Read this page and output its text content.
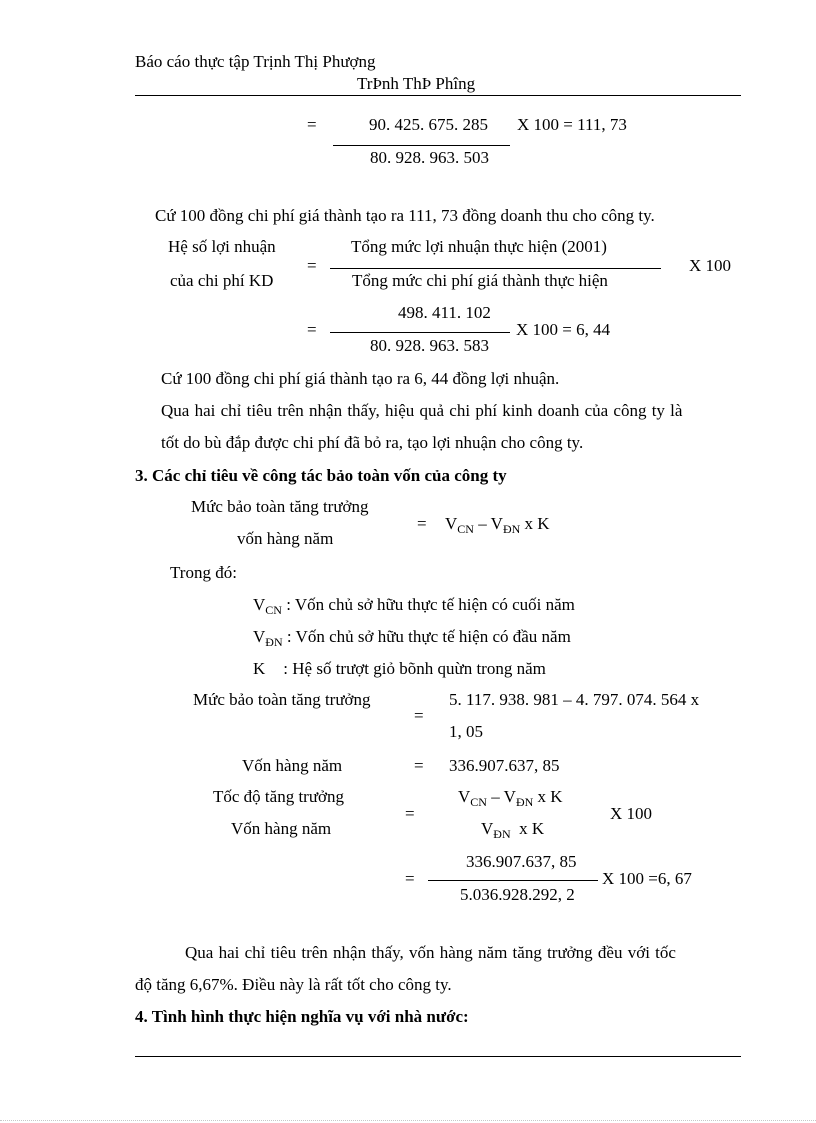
Báo cáo thực tập Trịnh Thị Phượng
TrÞnh ThÞ Phîng
=	90. 425. 675. 285 X 100 = 111, 73
80. 928. 963. 503
Cứ 100 đồng chi phí giá thành tạo ra 111, 73 đồng doanh thu cho công ty.
Hệ số lợi nhuận
của chi phí KD
=
Tổng mức lợi nhuận thực hiện (2001)
Tổng mức chi phí giá thành thực hiện
X 100
=
498. 411. 102
80. 928. 963. 583
X 100 = 6, 44
Cứ 100 đồng chi phí giá thành tạo ra 6, 44 đồng lợi nhuận.
Qua hai chỉ tiêu trên nhận thấy, hiệu quả chi phí kinh doanh của công ty là
tốt do bù đắp được chi phí đã bỏ ra, tạo lợi nhuận cho công ty.
3. Các chỉ tiêu về công tác bảo toàn vốn của công ty
Mức bảo toàn tăng trưởng
vốn hàng năm
= $V_{CN} - V_{ĐN}$ x K
Trong đó:
$V_{CN}$ : Vốn chủ sở hữu thực tế hiện có cuối năm
$V_{ĐN}$ : Vốn chủ sở hữu thực tế hiện có đầu năm
K : Hệ số trượt giỏ bõnh quừn trong năm
Mức bảo toàn tăng trưởng
=
5. 117. 938. 981 – 4. 797. 074. 564 x
1, 05
Vốn hàng năm	= 336.907.637, 85
Tốc độ tăng trưởng
Vốn hàng năm
=
$V_{CN} - V_{ĐN}$ x K
$V_{ĐN}$  x K
X 100
=
336.907.637, 85
5.036.928.292, 2
X 100 =6, 67
Qua hai chỉ tiêu trên nhận thấy, vốn hàng năm tăng trưởng đều với tốc
độ tăng 6,67%. Điều này là rất tốt cho công ty.
4. Tình hình thực hiện nghĩa vụ với nhà nước:
